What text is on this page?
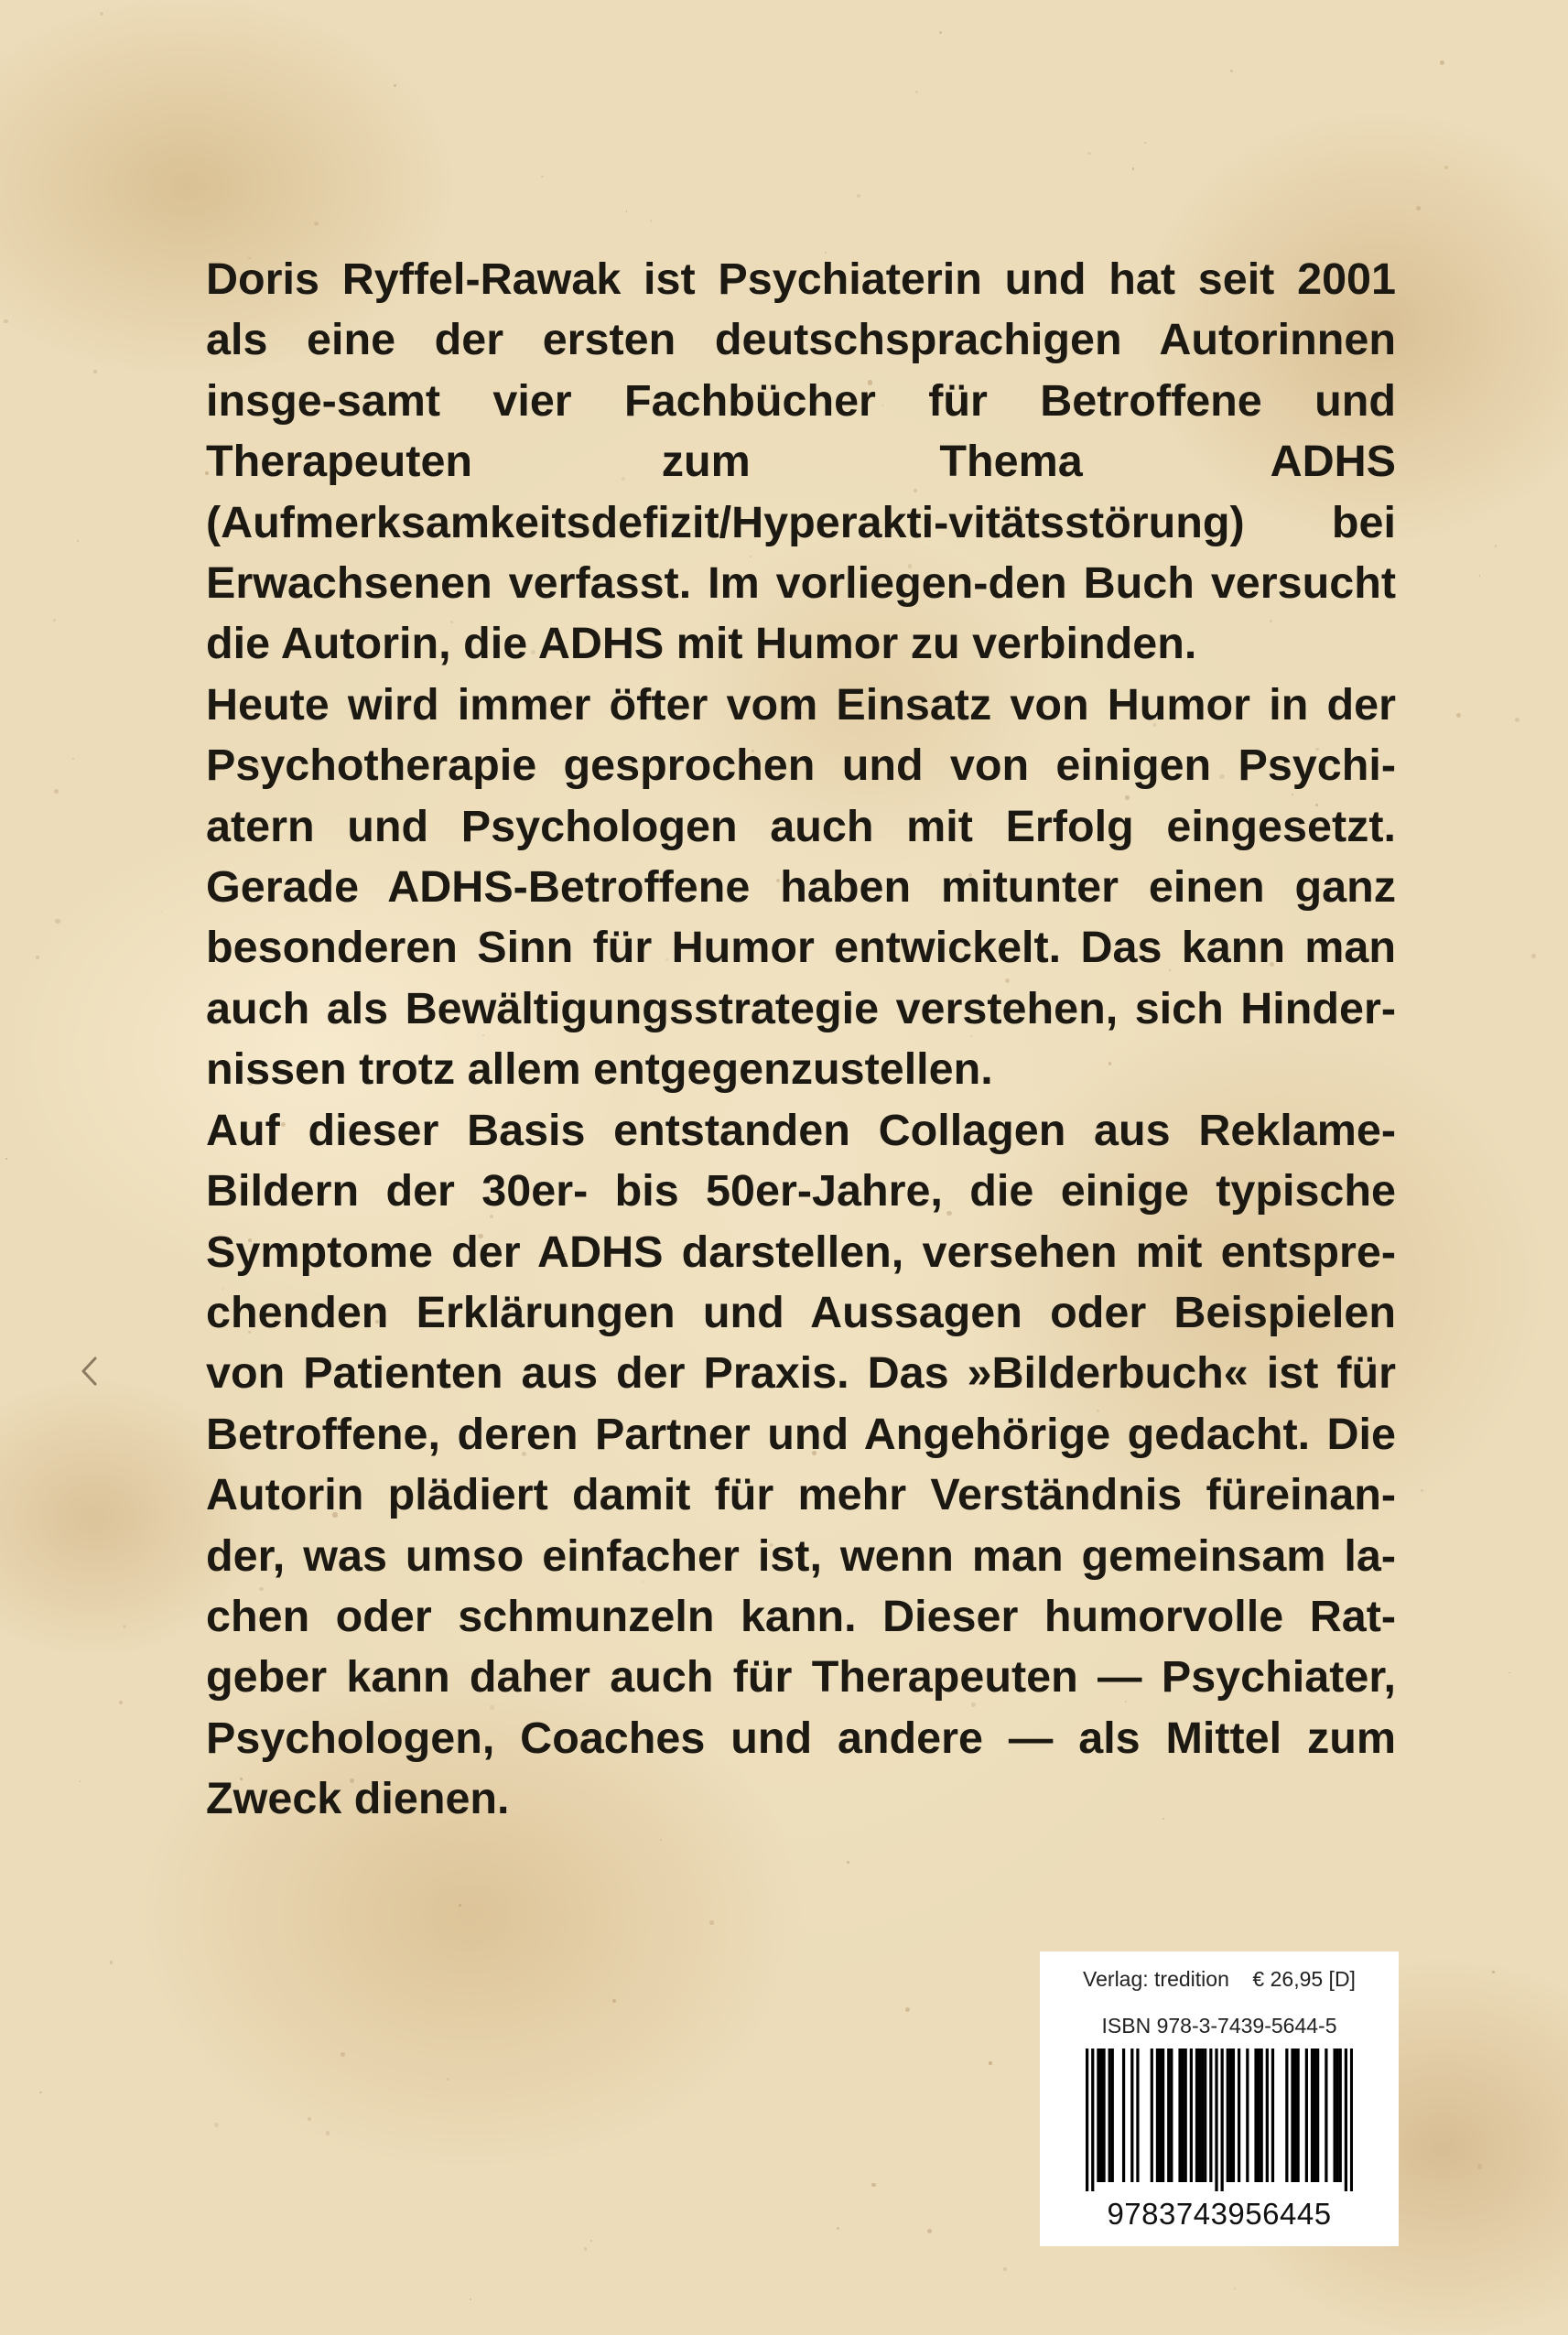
Doris Ryffel-Rawak ist Psychiaterin und hat seit 2001 als eine der ersten deutschsprachigen Autorinnen insge-samt vier Fachbücher für Betroffene und Therapeuten zum Thema ADHS (Aufmerksamkeitsdefizit/Hyperakti-vitätsstörung) bei Erwachsenen verfasst. Im vorliegen-den Buch versucht die Autorin, die ADHS mit Humor zu verbinden.

Heute wird immer öfter vom Einsatz von Humor in der Psychotherapie gesprochen und von einigen Psychi-atern und Psychologen auch mit Erfolg eingesetzt. Gerade ADHS-Betroffene haben mitunter einen ganz besonderen Sinn für Humor entwickelt. Das kann man auch als Bewältigungsstrategie verstehen, sich Hinder-nissen trotz allem entgegenzustellen.

Auf dieser Basis entstanden Collagen aus Reklame-Bildern der 30er- bis 50er-Jahre, die einige typische Symptome der ADHS darstellen, versehen mit entspre-chenden Erklärungen und Aussagen oder Beispielen von Patienten aus der Praxis. Das »Bilderbuch« ist für Betroffene, deren Partner und Angehörige gedacht. Die Autorin plädiert damit für mehr Verständnis füreinan-der, was umso einfacher ist, wenn man gemeinsam la-chen oder schmunzeln kann. Dieser humorvolle Rat-geber kann daher auch für Therapeuten — Psychiater, Psychologen, Coaches und andere — als Mittel zum Zweck dienen.

Verlag: tredition    € 26,95 [D]
ISBN 978-3-7439-5644-5
9783743956445
